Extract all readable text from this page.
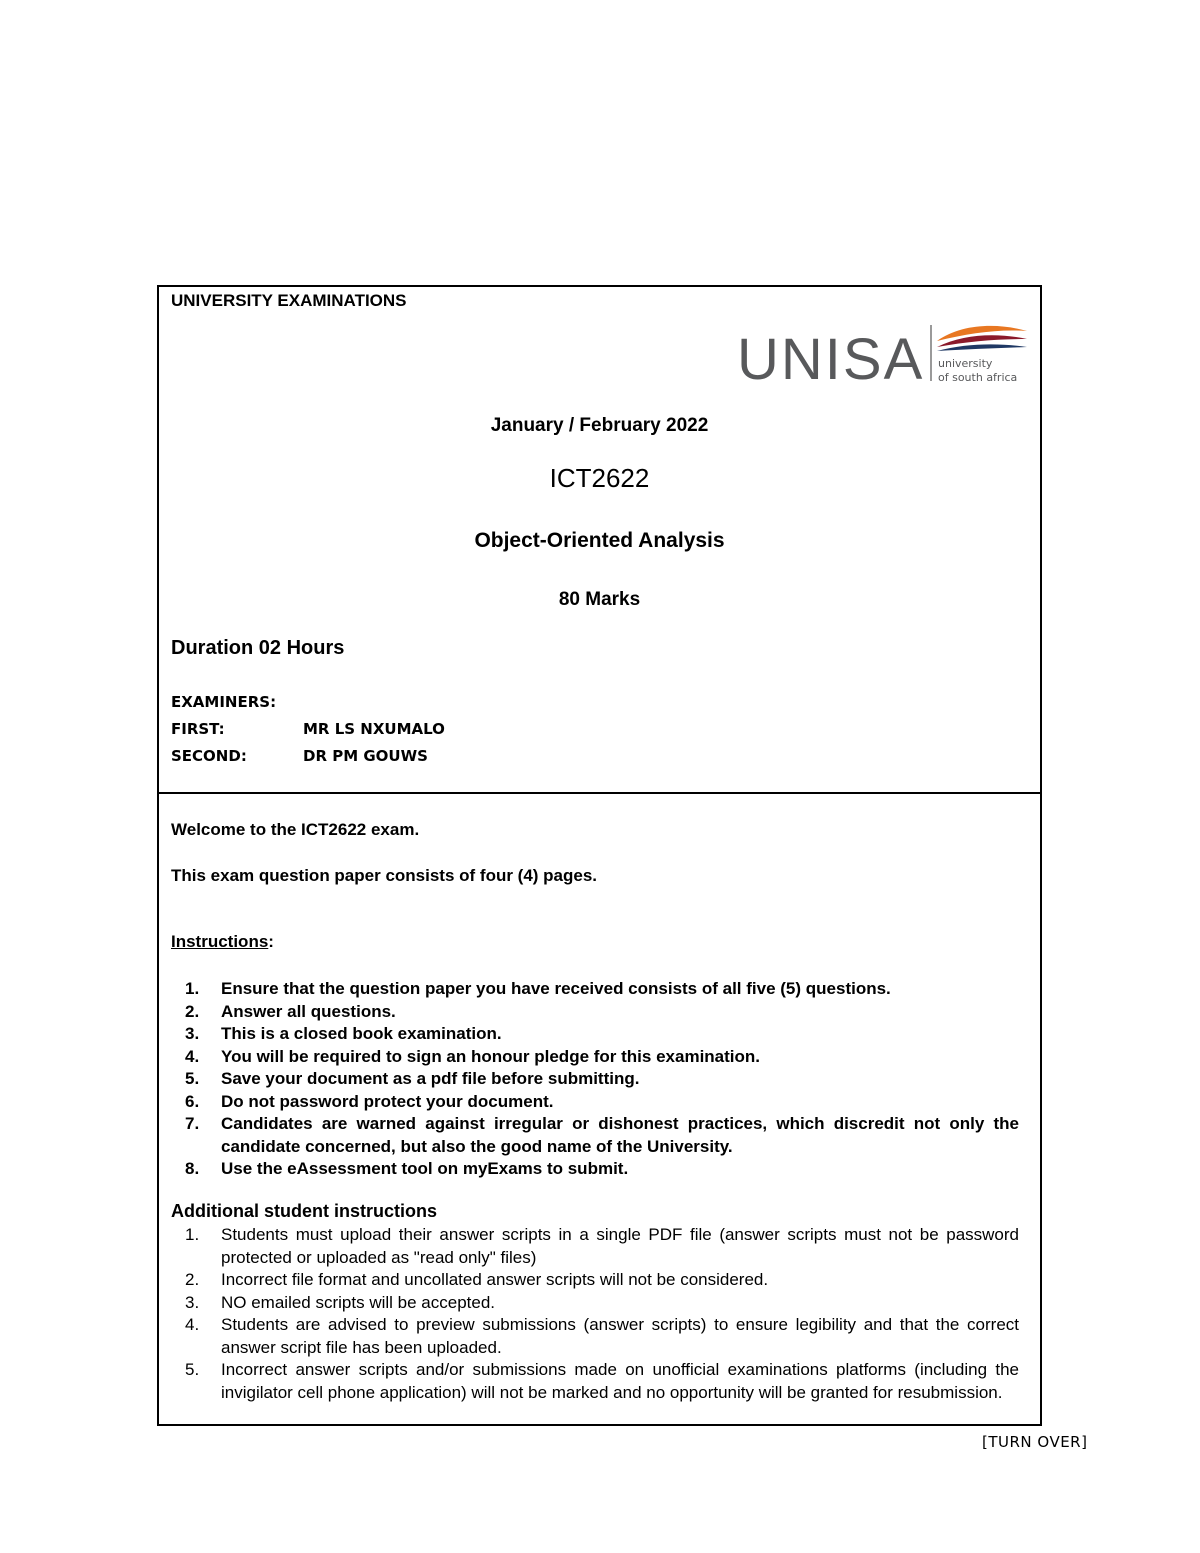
UNIVERSITY EXAMINATIONS
UNISA university
of south africa
January / February 2022
ICT2622
Object-Oriented Analysis
80 Marks
Duration 02 Hours
EXAMINERS:
FIRST:	MR LS NXUMALO
SECOND:	DR PM GOUWS
Welcome to the ICT2622 exam.
This exam question paper consists of four (4) pages.
Instructions:
1.	Ensure that the question paper you have received consists of all five (5) questions.
2.	Answer all questions.
3.	This is a closed book examination.
4.	You will be required to sign an honour pledge for this examination.
5.	Save your document as a pdf file before submitting.
6.	Do not password protect your document.
7.	Candidates are warned against irregular or dishonest practices, which discredit not only the candidate concerned, but also the good name of the University.
8.	Use the eAssessment tool on myExams to submit.
Additional student instructions
1.	Students must upload their answer scripts in a single PDF file (answer scripts must not be password protected or uploaded as "read only" files)
2.	Incorrect file format and uncollated answer scripts will not be considered.
3.	NO emailed scripts will be accepted.
4.	Students are advised to preview submissions (answer scripts) to ensure legibility and that the correct answer script file has been uploaded.
5.	Incorrect answer scripts and/or submissions made on unofficial examinations platforms (including the invigilator cell phone application) will not be marked and no opportunity will be granted for resubmission.
[TURN OVER]
